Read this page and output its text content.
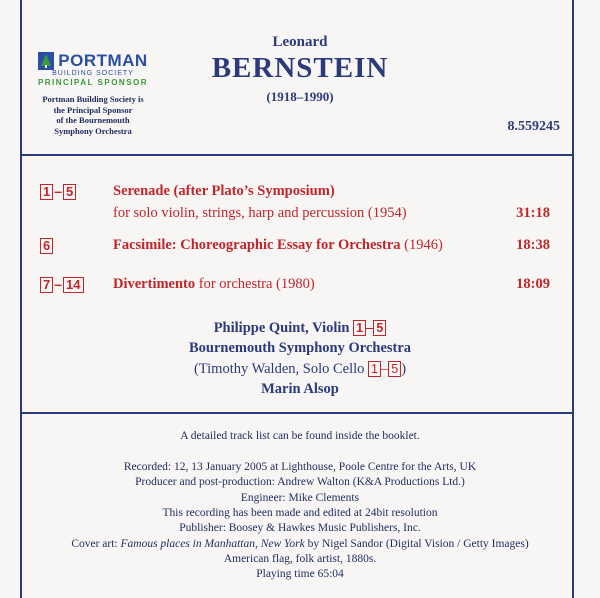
PORTMAN
BUILDING SOCIETY
PRINCIPAL SPONSOR
Portman Building Society is
the Principal Sponsor
of the Bournemouth
Symphony Orchestra
Leonard
BERNSTEIN
(1918–1990)
8.559245
1 – 5	Serenade (after Plato’s Symposium)
for solo violin, strings, harp and percussion (1954)	31:18
6	Facsimile: Choreographic Essay for Orchestra (1946)	18:38
7 – 14 Divertimento for orchestra (1980)	18:09
Philippe Quint, Violin 1 – 5
Bournemouth Symphony Orchestra
(Timothy Walden, Solo Cello 1 – 5 )
Marin Alsop
A detailed track list can be found inside the booklet.
Recorded: 12, 13 January 2005 at Lighthouse, Poole Centre for the Arts, UK
Producer and post-production: Andrew Walton (K&A Productions Ltd.)
Engineer: Mike Clements
This recording has been made and edited at 24bit resolution
Publisher: Boosey & Hawkes Music Publishers, Inc.
Cover art: Famous places in Manhattan, New York by Nigel Sandor (Digital Vision / Getty Images)
American flag, folk artist, 1880s.
Playing time 65:04
